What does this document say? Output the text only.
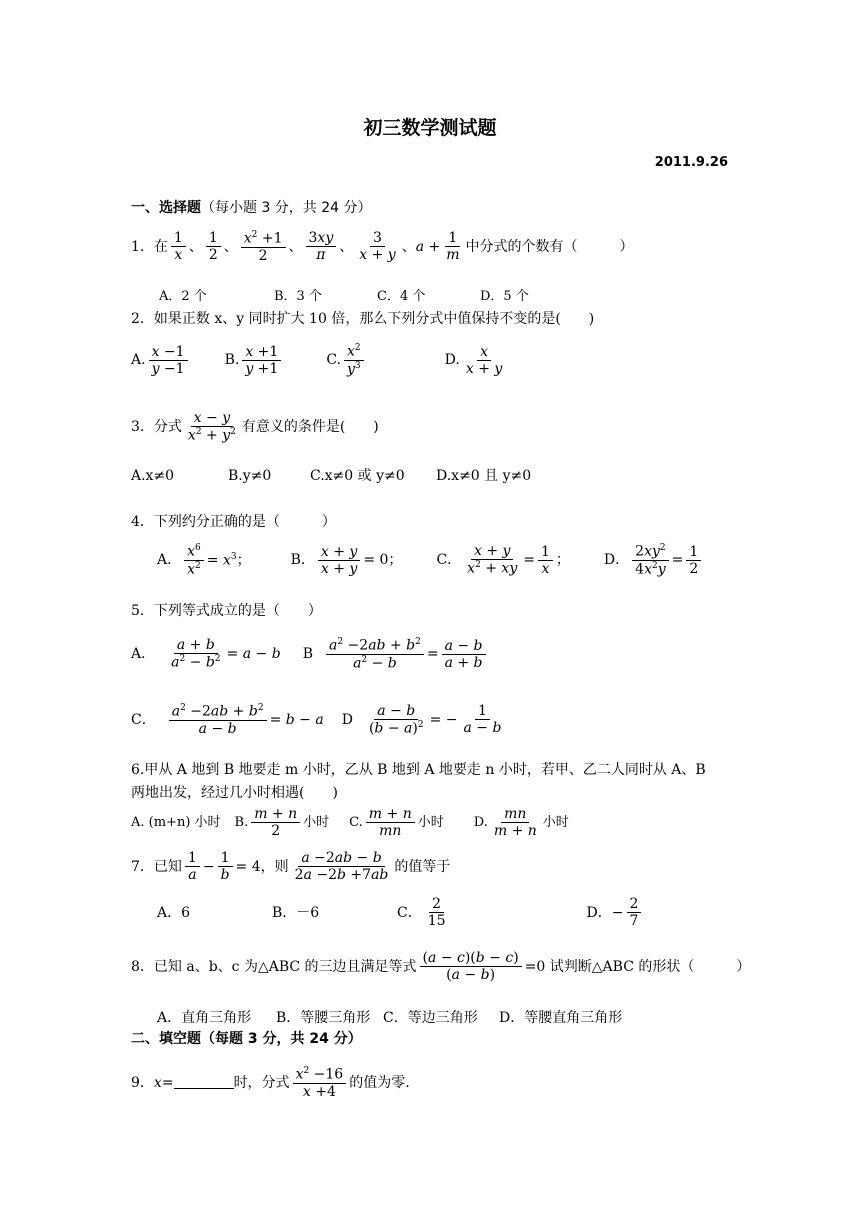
初三数学测试题
2011.9.26
一、选择题（每小题 3 分，共 24 分）
1．在 $\frac{1}{x}$ 、 $\frac{1}{2}$ 、 $\frac{x^2 +1}{2}$ 、 $\frac{3xy}{\pi}$ 、 $\frac{3}{x + y}$ 、 $a + \frac{1}{m}$ 中分式的个数有（　　　）
A．2 个	B．3 个	C．4 个	D．5 个
2．如果正数 x、y 同时扩大 10 倍，那么下列分式中值保持不变的是(　　)
A. $\frac{x -1}{y -1}$	B. $\frac{x +1}{y +1}$	C. $\frac{x^2}{y^3}$	D. $\frac{x}{x + y}$
3．分式 $\frac{x - y}{x^2 + y^2}$ 有意义的条件是(　　)
A.x≠0	B.y≠0	C.x≠0 或 y≠0 D.x≠0 且 y≠0
4．下列约分正确的是（　　　）
A． $\frac{x^6}{x^2} = x^3$；	B． $\frac{x + y}{x + y} = 0$； C． $\frac{x + y}{x^2 + xy} = \frac{1}{x}$ ； D． $\frac{2xy^2}{4x^2y} = \frac{1}{2}$
5．下列等式成立的是（　　）
A． $\frac{a + b}{a^2 - b^2} = a - b$ B $\frac{a^2 -2ab + b^2}{a^2 - b} = \frac{a - b}{a + b}$
C． $\frac{a^2 -2ab + b^2}{a - b} = b - a$ D $\frac{a - b}{(b - a)^2}$ = − $\frac{1}{a - b}$
6.甲从 A 地到 B 地要走 m 小时，乙从 B 地到 A 地要走 n 小时，若甲、乙二人同时从 A、B
两地出发，经过几小时相遇(　　)
A. (m+n) 小时 B. $\frac{m + n}{2}$ 小时 C. $\frac{m + n}{mn}$ 小时 D. $\frac{mn}{m + n}$ 小时
7．已知 $\frac{1}{a} - \frac{1}{b} = 4$ ，则 $\frac{a -2ab - b}{2a -2b +7ab}$ 的值等于
A．6	B．－6	C． $\frac{2}{15}$	D． − $\frac{2}{7}$
8．已知 a、b、c 为△ABC 的三边且满足等式 $\frac{(a - c)(b - c)}{(a - b)} =0$ 试判断△ABC 的形状（　　　）
A．直角三角形 B．等腰三角形 C．等边三角形 D．等腰直角三角形
二、填空题（每题 3 分，共 24 分）
9． x=	时，分式 $\frac{x^2 -16}{x +4}$ 的值为零.
